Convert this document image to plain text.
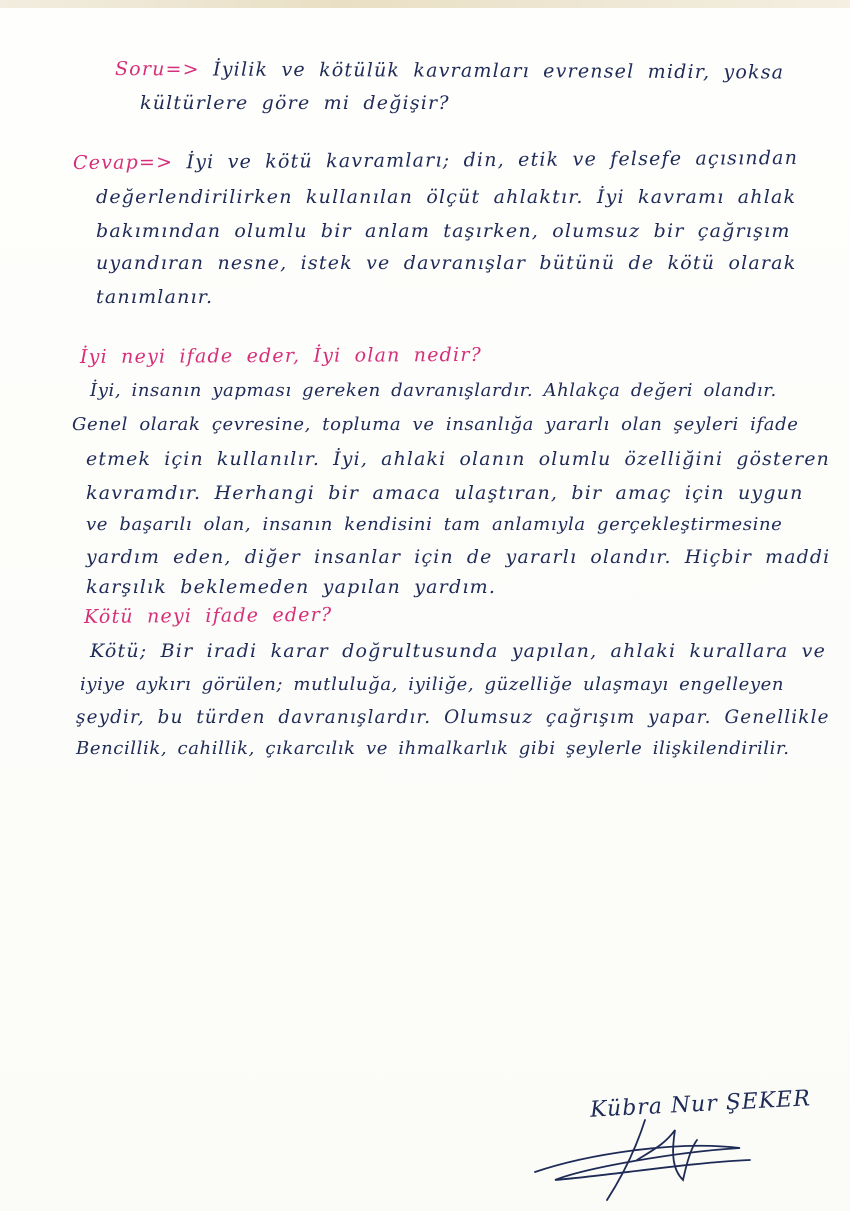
Soru=> İyilik ve kötülük kavramları evrensel midir, yoksa
kültürlere göre mi değişir?
Cevap=> İyi ve kötü kavramları; din, etik ve felsefe açısından
değerlendirilirken kullanılan ölçüt ahlaktır. İyi kavramı ahlak
bakımından olumlu bir anlam taşırken, olumsuz bir çağrışım
uyandıran nesne, istek ve davranışlar bütünü de kötü olarak
tanımlanır.
İyi neyi ifade eder, İyi olan nedir?
İyi, insanın yapması gereken davranışlardır. Ahlakça değeri olandır.
Genel olarak çevresine, topluma ve insanlığa yararlı olan şeyleri ifade
etmek için kullanılır. İyi, ahlaki olanın olumlu özelliğini gösteren
kavramdır. Herhangi bir amaca ulaştıran, bir amaç için uygun
ve başarılı olan, insanın kendisini tam anlamıyla gerçekleştirmesine
yardım eden, diğer insanlar için de yararlı olandır. Hiçbir maddi
karşılık beklemeden yapılan yardım.
Kötü neyi ifade eder?
Kötü; Bir iradi karar doğrultusunda yapılan, ahlaki kurallara ve
iyiye aykırı görülen; mutluluğa, iyiliğe, güzelliğe ulaşmayı engelleyen
şeydir, bu türden davranışlardır. Olumsuz çağrışım yapar. Genellikle
Bencillik, cahillik, çıkarcılık ve ihmalkarlık gibi şeylerle ilişkilendirilir.
Kübra Nur ŞEKER
